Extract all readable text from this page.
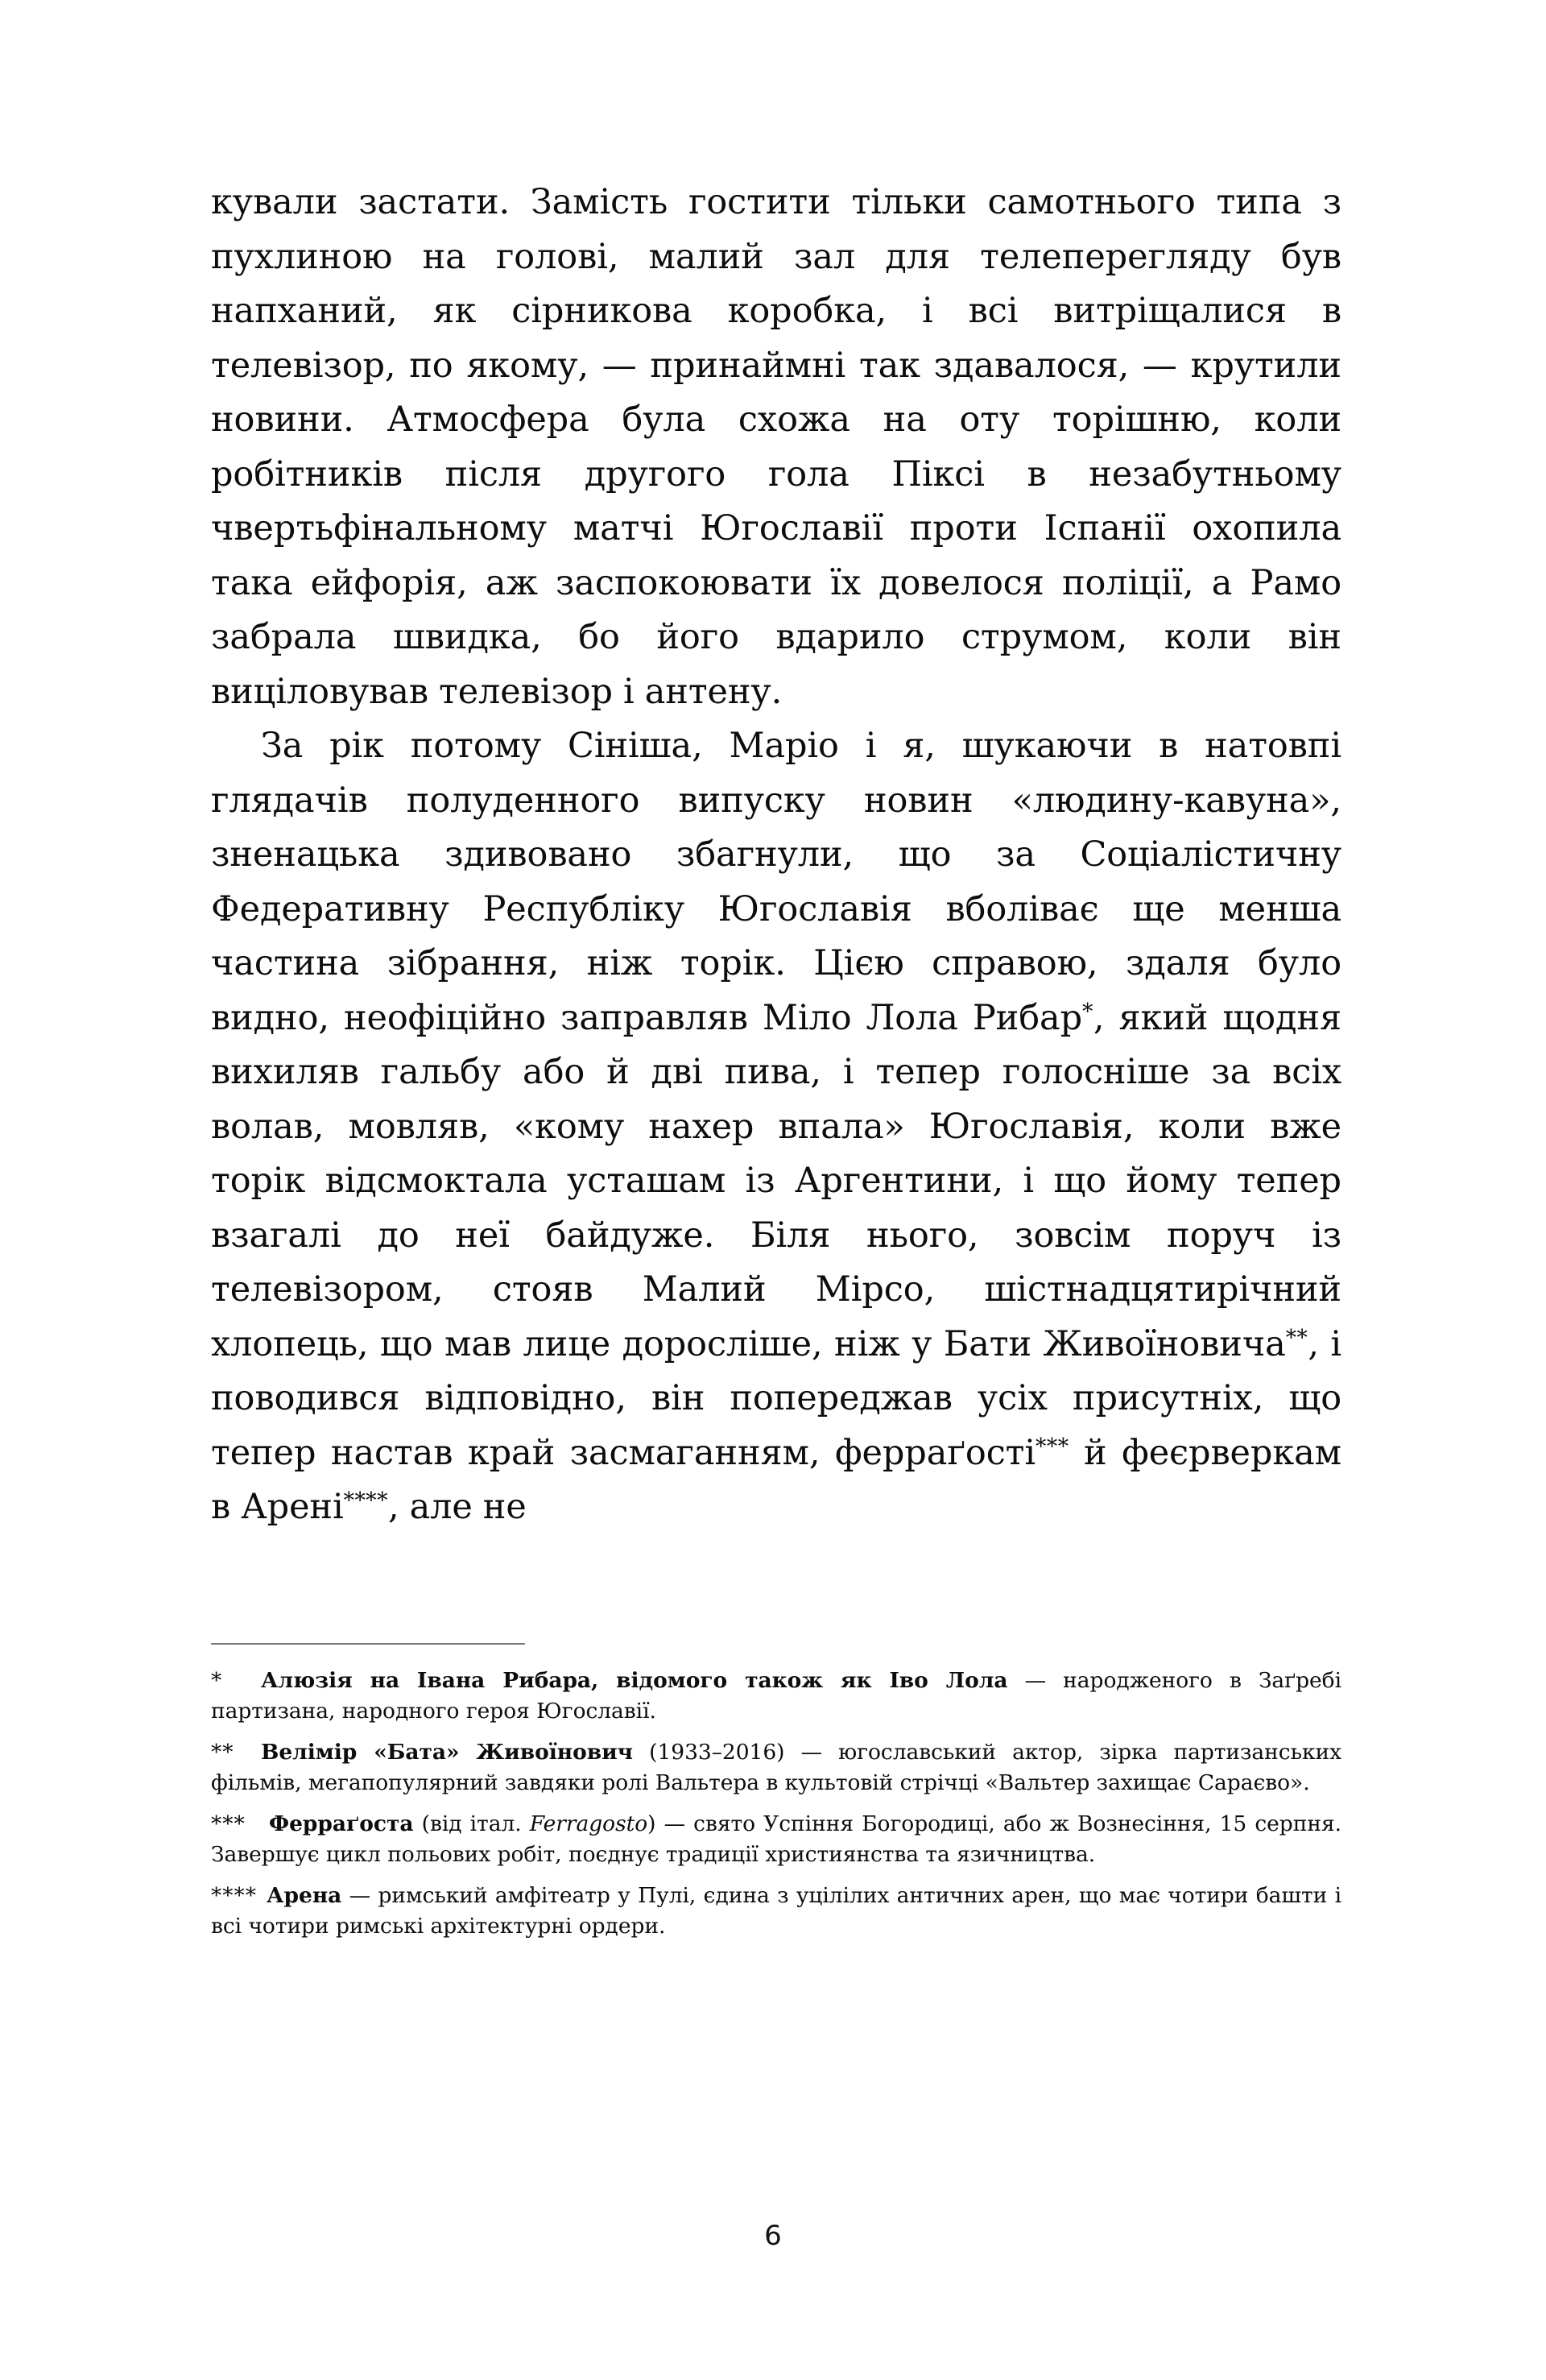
кували застати. Замість гостити тільки самотнього типа з пухлиною на голові, малий зал для телеперегляду був напханий, як сірникова коробка, і всі витріщалися в телевізор, по якому, — принаймні так здавалося, — крутили новини. Атмосфера була схожа на оту торішню, коли робітників після другого гола Піксі в незабутньому чвертьфінальному матчі Югославії проти Іспанії охопила така ейфорія, аж заспокоювати їх довелося поліції, а Рамо забрала швидка, бо його вдарило струмом, коли він вицiловував телевізор і антену.

За рік потому Сініша, Маріо і я, шукаючи в натовпі глядачів полуденного випуску новин «людину-кавуна», зненацька здивовано збагнули, що за Соціалістичну Федеративну Республіку Югославія вболіває ще менша частина зібрання, ніж торік. Цією справою, здаля було видно, неофіційно заправляв Міло Лола Рибар*, який щодня вихиляв гальбу або й дві пива, і тепер голосніше за всіх волав, мовляв, «кому нахер впала» Югославія, коли вже торік відсмоктала усташам із Аргентини, і що йому тепер взагалі до неї байдуже. Біля нього, зовсім поруч із телевізором, стояв Малий Мірсо, шістнадцятирічний хлопець, що мав лице доросліше, ніж у Бати Живоїновича**, і поводився відповідно, він попереджав усіх присутніх, що тепер настав край засмаганням, ферраґості*** й феєрверкам в Арені****, але не

* Алюзія на Івана Рибара, відомого також як Іво Лола — народженого в Заґребі партизана, народного героя Югославії.

** Велімір «Бата» Живоїнович (1933–2016) — югославський актор, зірка партизанських фільмів, мегапопулярний завдяки ролі Вальтера в культовій стрічці «Вальтер захищає Сараєво».

*** Ферраґоста (від італ. Ferragosto) — свято Успіння Богородиці, або ж Вознесіння, 15 серпня. Завершує цикл польових робіт, поєднує традиції християнства та язичництва.

**** Арена — римський амфітеатр у Пулі, єдина з уцілілих античних арен, що має чотири башти і всі чотири римські архітектурні ордери.

6
